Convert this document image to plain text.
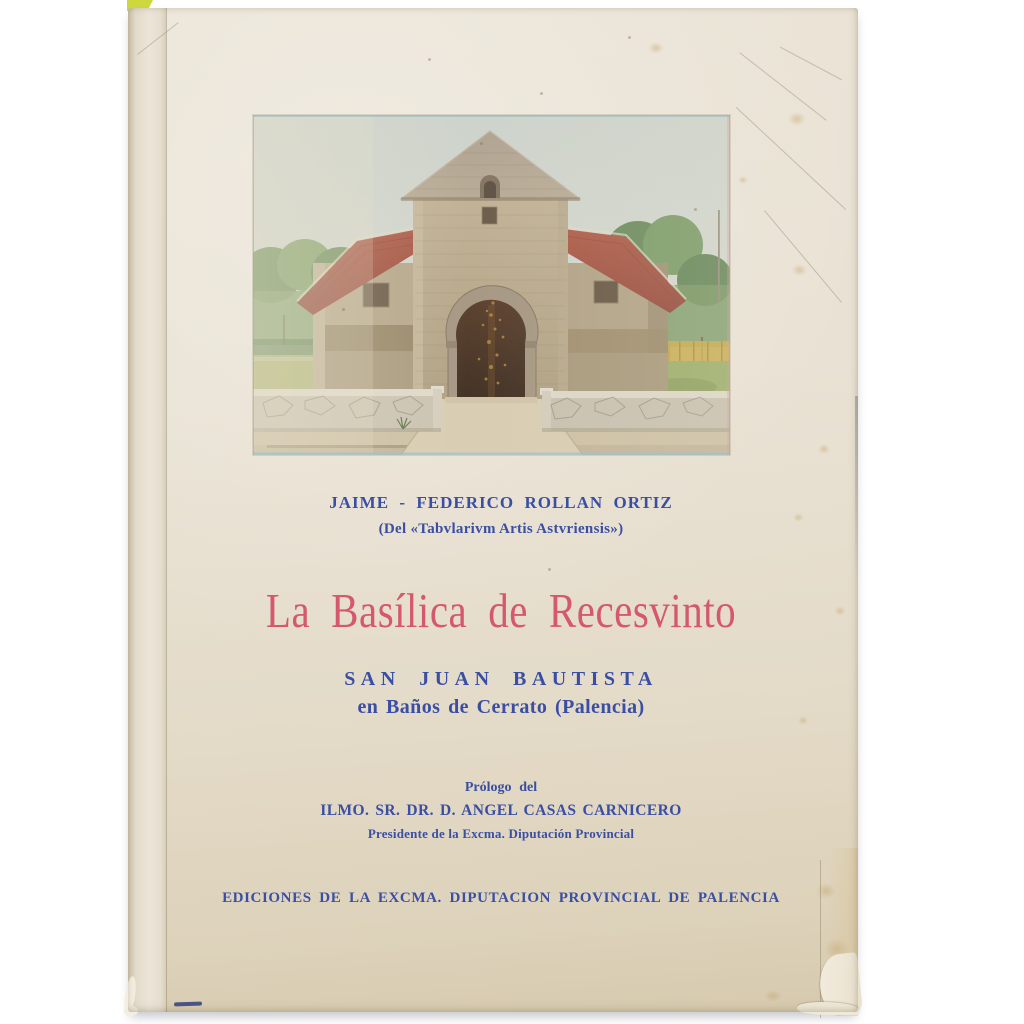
JAIME - FEDERICO ROLLAN ORTIZ
(Del «Tabvlarivm Artis Astvriensis»)
La Basílica de Recesvinto
SAN JUAN BAUTISTA
en Baños de Cerrato (Palencia)
Prólogo del
ILMO. SR. DR. D. ANGEL CASAS CARNICERO
Presidente de la Excma. Diputación Provincial
EDICIONES DE LA EXCMA. DIPUTACION PROVINCIAL DE PALENCIA
